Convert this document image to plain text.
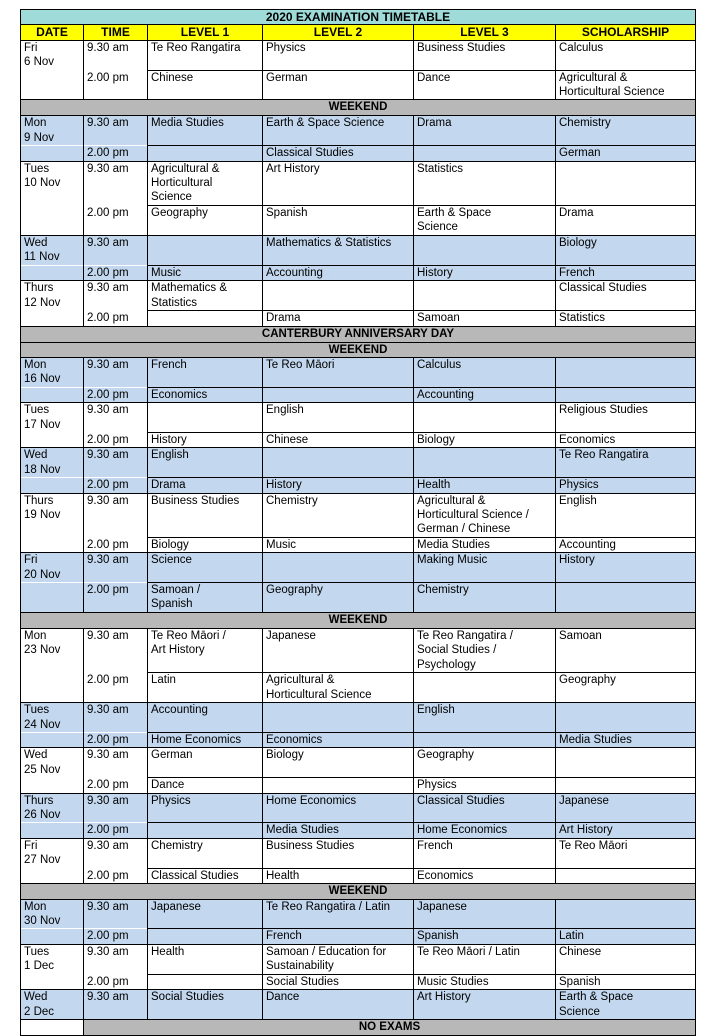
2020 EXAMINATION TIMETABLE					
DATE	TIME	LEVEL 1	LEVEL 2	LEVEL 3	SCHOLARSHIP
Fri
6 Nov	9.30 am	Te Reo Rangatira	Physics	Business Studies	Calculus
	2.00 pm	Chinese	German	Dance	Agricultural &
Horticultural Science
WEEKEND					
Mon
9 Nov	9.30 am	Media Studies	Earth & Space Science	Drama	Chemistry
	2.00 pm		Classical Studies		German
Tues
10 Nov	9.30 am	Agricultural &
Horticultural
Science	Art History	Statistics	
	2.00 pm	Geography	Spanish	Earth & Space
Science	Drama
Wed
11 Nov	9.30 am		Mathematics & Statistics		Biology
	2.00 pm	Music	Accounting	History	French
Thurs
12 Nov	9.30 am	Mathematics &
Statistics			Classical Studies
	2.00 pm		Drama	Samoan	Statistics
CANTERBURY ANNIVERSARY DAY					
WEEKEND					
Mon
16 Nov	9.30 am	French	Te Reo Māori	Calculus	
	2.00 pm	Economics		Accounting	
Tues
17 Nov	9.30 am		English		Religious Studies
	2.00 pm	History	Chinese	Biology	Economics
Wed
18 Nov	9.30 am	English			Te Reo Rangatira
	2.00 pm	Drama	History	Health	Physics
Thurs
19 Nov	9.30 am	Business Studies	Chemistry	Agricultural &
Horticultural Science /
German / Chinese	English
	2.00 pm	Biology	Music	Media Studies	Accounting
Fri
20 Nov	9.30 am	Science		Making Music	History
	2.00 pm	Samoan /
Spanish	Geography	Chemistry	
WEEKEND					
Mon
23 Nov	9.30 am	Te Reo Māori /
Art History	Japanese	Te Reo Rangatira /
Social Studies /
Psychology	Samoan
	2.00 pm	Latin	Agricultural &
Horticultural Science		Geography
Tues
24 Nov	9.30 am	Accounting		English	
	2.00 pm	Home Economics	Economics		Media Studies
Wed
25 Nov	9.30 am	German	Biology	Geography	
	2.00 pm	Dance		Physics	
Thurs
26 Nov	9.30 am	Physics	Home Economics	Classical Studies	Japanese
	2.00 pm		Media Studies	Home Economics	Art History
Fri
27 Nov	9.30 am	Chemistry	Business Studies	French	Te Reo Māori
	2.00 pm	Classical Studies	Health	Economics	
WEEKEND					
Mon
30 Nov	9.30 am	Japanese	Te Reo Rangatira / Latin	Japanese	
	2.00 pm		French	Spanish	Latin
Tues
1 Dec	9.30 am	Health	Samoan / Education for
Sustainability	Te Reo Māori / Latin	Chinese
	2.00 pm		Social Studies	Music Studies	Spanish
Wed
2 Dec	9.30 am	Social Studies	Dance	Art History	Earth & Space
Science
	NO EXAMS				
